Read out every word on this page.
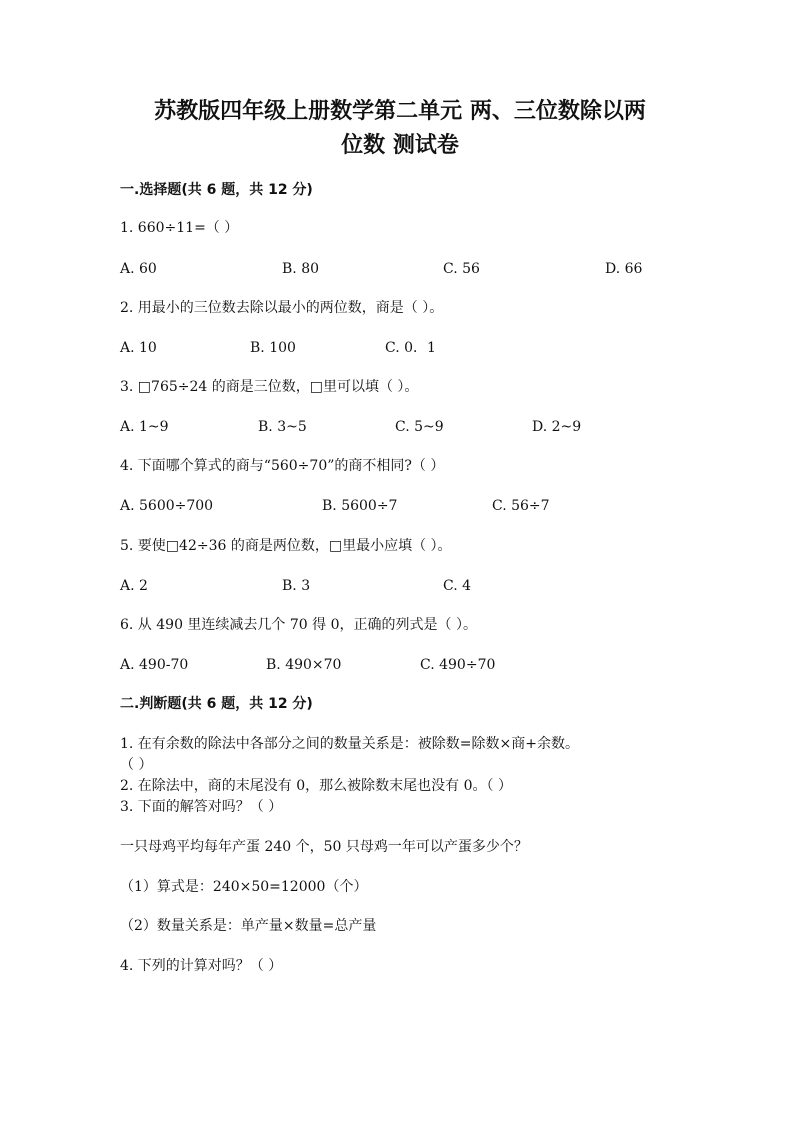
苏教版四年级上册数学第二单元 两、三位数除以两
位数 测试卷
一.选择题(共 6 题，共 12 分)
1. 660÷11=（ ）
A. 60	B. 80	C. 56	D. 66
2. 用最小的三位数去除以最小的两位数，商是（ ）。
A. 10	B. 100	C. 0．1
3. □765÷24 的商是三位数，□里可以填（ ）。
A. 1~9	B. 3~5	C. 5~9	D. 2~9
4. 下面哪个算式的商与“560÷70”的商不相同?（ ）
A. 5600÷700	B. 5600÷7	C. 56÷7
5. 要使□42÷36 的商是两位数，□里最小应填（ ）。
A. 2	B. 3	C. 4
6. 从 490 里连续减去几个 70 得 0，正确的列式是（ ）。
A. 490-70	B. 490×70	C. 490÷70
二.判断题(共 6 题，共 12 分)
1. 在有余数的除法中各部分之间的数量关系是：被除数=除数×商+余数。
（ ）
2. 在除法中，商的末尾没有 0，那么被除数末尾也没有 0。（ ）
3. 下面的解答对吗？（ ）
一只母鸡平均每年产蛋 240 个，50 只母鸡一年可以产蛋多少个？
（1）算式是：240×50=12000（个）
（2）数量关系是：单产量×数量=总产量
4. 下列的计算对吗？（ ）
